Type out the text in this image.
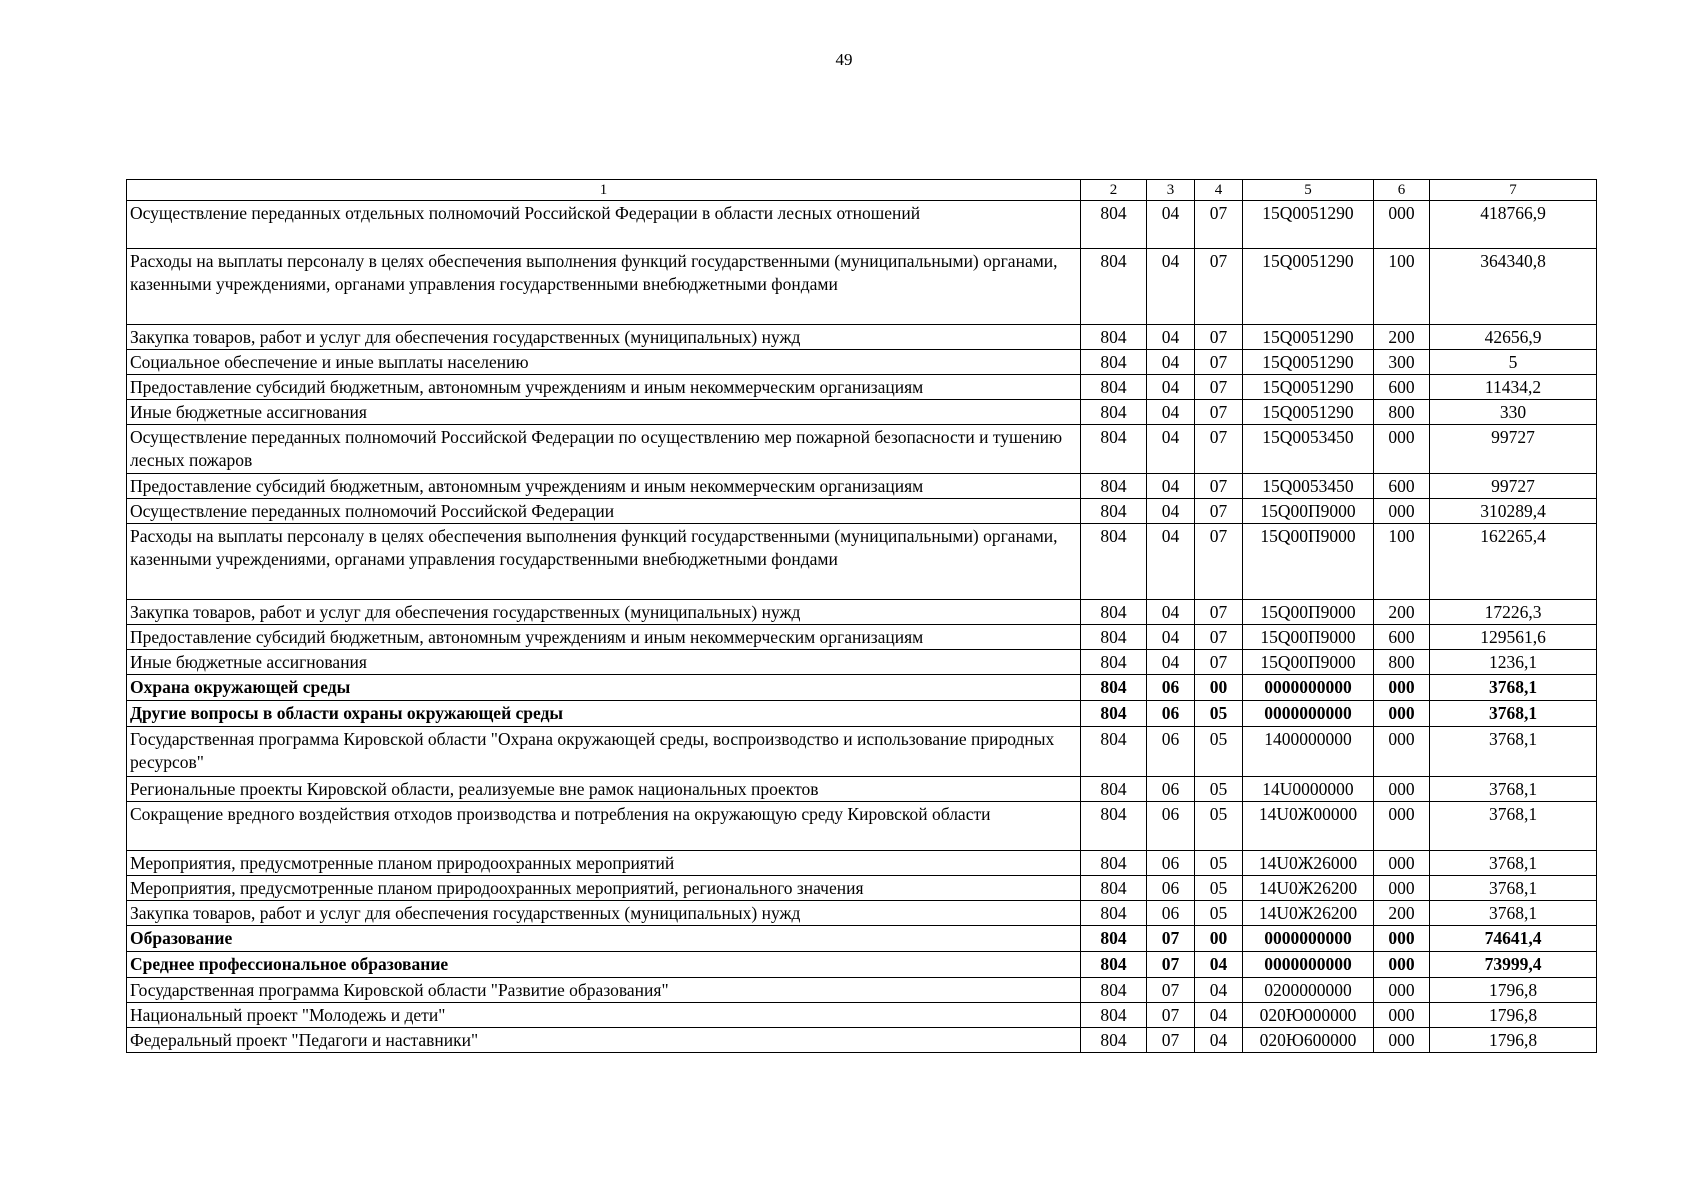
49
1	2	3	4	5	6	7
Осуществление переданных отдельных полномочий Российской Федерации в области лесных отношений	804	04	07	15Q0051290	000	418766,9
Расходы на выплаты персоналу в целях обеспечения выполнения функций государственными (муниципальными) органами, казенными учреждениями, органами управления государственными внебюджетными фондами	804	04	07	15Q0051290	100	364340,8
Закупка товаров, работ и услуг для обеспечения государственных (муниципальных) нужд	804	04	07	15Q0051290	200	42656,9
Социальное обеспечение и иные выплаты населению	804	04	07	15Q0051290	300	5
Предоставление субсидий бюджетным, автономным учреждениям и иным некоммерческим организациям	804	04	07	15Q0051290	600	11434,2
Иные бюджетные ассигнования	804	04	07	15Q0051290	800	330
Осуществление переданных полномочий Российской Федерации по осуществлению мер пожарной безопасности и тушению лесных пожаров	804	04	07	15Q0053450	000	99727
Предоставление субсидий бюджетным, автономным учреждениям и иным некоммерческим организациям	804	04	07	15Q0053450	600	99727
Осуществление переданных полномочий Российской Федерации	804	04	07	15Q00П9000	000	310289,4
Расходы на выплаты персоналу в целях обеспечения выполнения функций государственными (муниципальными) органами, казенными учреждениями, органами управления государственными внебюджетными фондами	804	04	07	15Q00П9000	100	162265,4
Закупка товаров, работ и услуг для обеспечения государственных (муниципальных) нужд	804	04	07	15Q00П9000	200	17226,3
Предоставление субсидий бюджетным, автономным учреждениям и иным некоммерческим организациям	804	04	07	15Q00П9000	600	129561,6
Иные бюджетные ассигнования	804	04	07	15Q00П9000	800	1236,1
Охрана окружающей среды	804	06	00	0000000000	000	3768,1
Другие вопросы в области охраны окружающей среды	804	06	05	0000000000	000	3768,1
Государственная программа Кировской области "Охрана окружающей среды, воспроизводство и использование природных ресурсов"	804	06	05	1400000000	000	3768,1
Региональные проекты Кировской области, реализуемые вне рамок национальных проектов	804	06	05	14U0000000	000	3768,1
Сокращение вредного воздействия отходов производства и потребления на окружающую среду Кировской области	804	06	05	14U0Ж00000	000	3768,1
Мероприятия, предусмотренные планом природоохранных мероприятий	804	06	05	14U0Ж26000	000	3768,1
Мероприятия, предусмотренные планом природоохранных мероприятий, регионального значения	804	06	05	14U0Ж26200	000	3768,1
Закупка товаров, работ и услуг для обеспечения государственных (муниципальных) нужд	804	06	05	14U0Ж26200	200	3768,1
Образование	804	07	00	0000000000	000	74641,4
Среднее профессиональное образование	804	07	04	0000000000	000	73999,4
Государственная программа Кировской области "Развитие образования"	804	07	04	0200000000	000	1796,8
Национальный проект "Молодежь и дети"	804	07	04	020Ю000000	000	1796,8
Федеральный проект "Педагоги и наставники"	804	07	04	020Ю600000	000	1796,8
